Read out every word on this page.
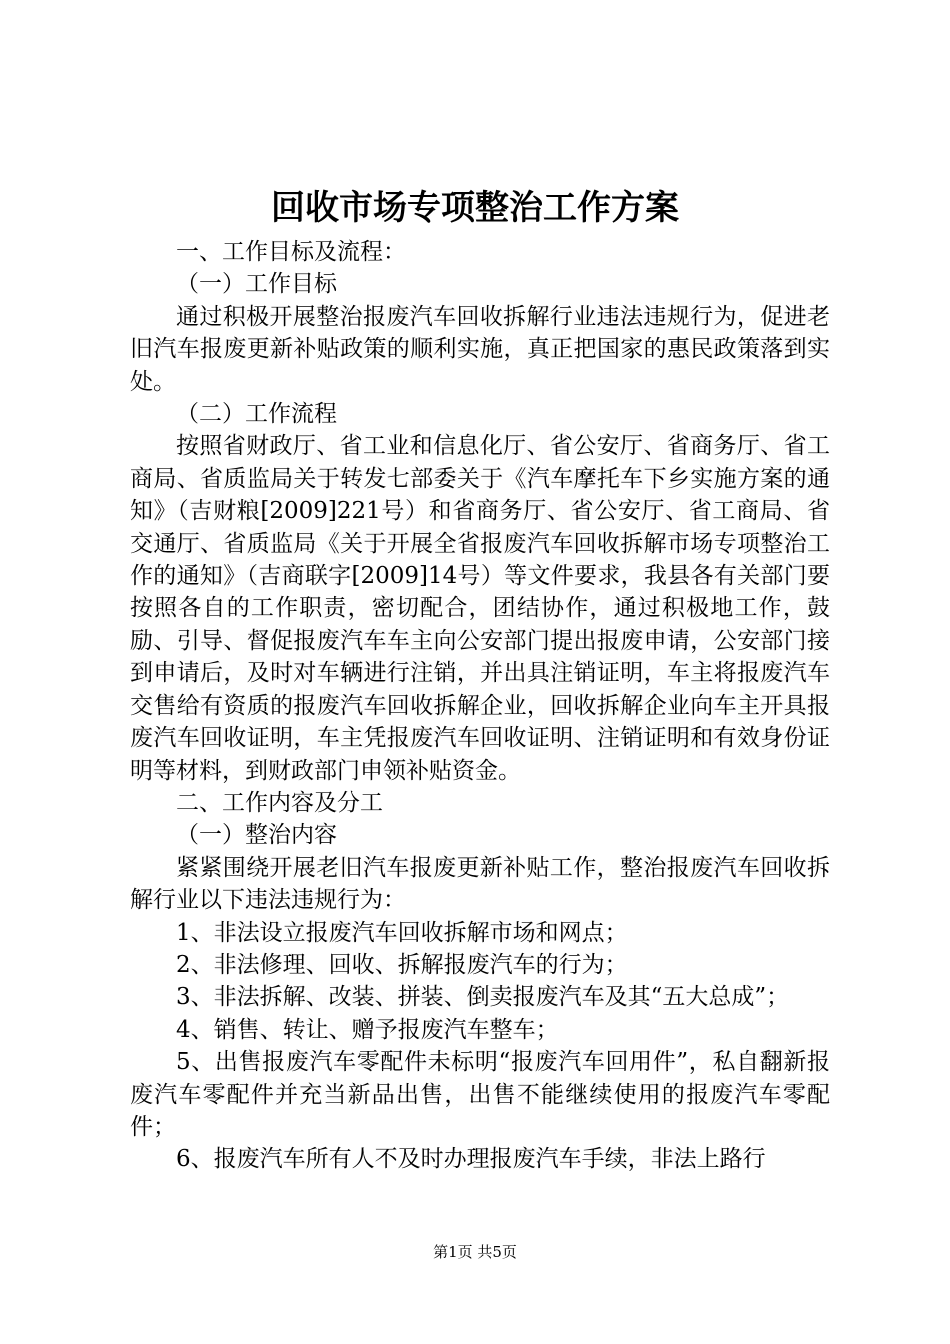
回收市场专项整治工作方案

一、工作目标及流程：

（一）工作目标

通过积极开展整治报废汽车回收拆解行业违法违规行为，促进老旧汽车报废更新补贴政策的顺利实施，真正把国家的惠民政策落到实处。

（二）工作流程

按照省财政厅、省工业和信息化厅、省公安厅、省商务厅、省工商局、省质监局关于转发七部委关于《汽车摩托车下乡实施方案的通知》（吉财粮[2009]221号）和省商务厅、省公安厅、省工商局、省交通厅、省质监局《关于开展全省报废汽车回收拆解市场专项整治工作的通知》（吉商联字[2009]14号）等文件要求，我县各有关部门要按照各自的工作职责，密切配合，团结协作，通过积极地工作，鼓励、引导、督促报废汽车车主向公安部门提出报废申请，公安部门接到申请后，及时对车辆进行注销，并出具注销证明，车主将报废汽车交售给有资质的报废汽车回收拆解企业，回收拆解企业向车主开具报废汽车回收证明，车主凭报废汽车回收证明、注销证明和有效身份证明等材料，到财政部门申领补贴资金。

二、工作内容及分工

（一）整治内容

紧紧围绕开展老旧汽车报废更新补贴工作，整治报废汽车回收拆解行业以下违法违规行为：

1、非法设立报废汽车回收拆解市场和网点；

2、非法修理、回收、拆解报废汽车的行为；

3、非法拆解、改装、拼装、倒卖报废汽车及其“五大总成”；

4、销售、转让、赠予报废汽车整车；

5、出售报废汽车零配件未标明“报废汽车回用件”，私自翻新报废汽车零配件并充当新品出售，出售不能继续使用的报废汽车零配件；

6、报废汽车所有人不及时办理报废汽车手续，非法上路行

第1页 共5页
